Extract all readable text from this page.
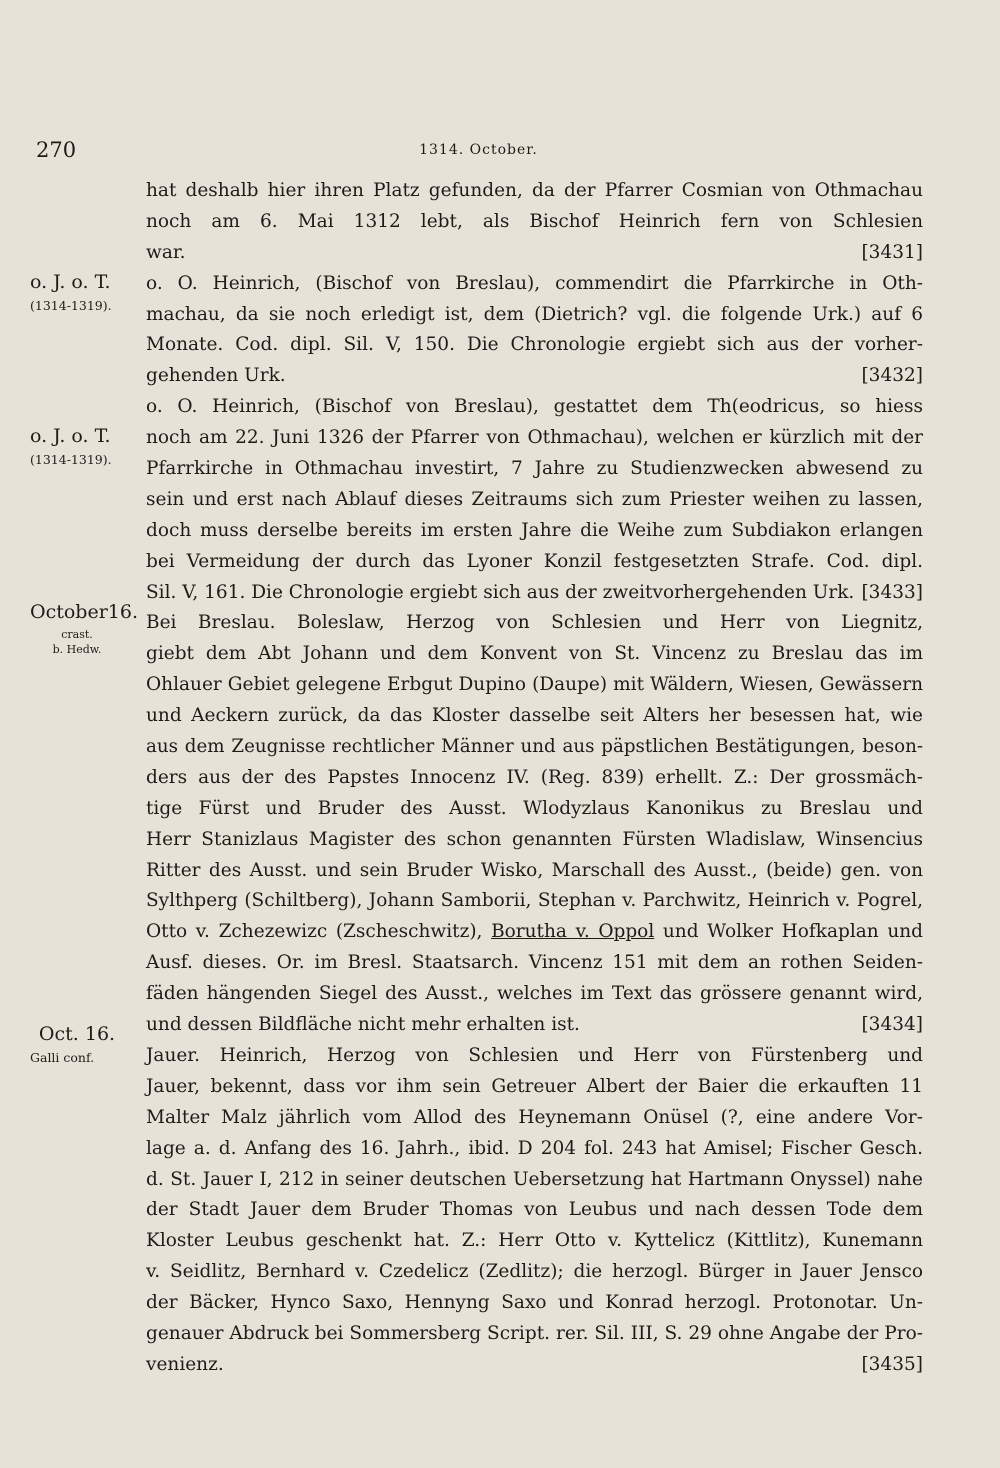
270	1314. October.
o. J. o. T.
(1314-1319).
o. J. o. T.
(1314-1319).
October16.
crast.
b. Hedw.
Oct. 16.
Galli conf.
hat deshalb hier ihren Platz gefunden, da der Pfarrer Cosmian von Othmachau
noch am 6. Mai 1312 lebt, als Bischof Heinrich fern von Schlesien
war.	[3431]
o. O. Heinrich, (Bischof von Breslau), commendirt die Pfarrkirche in Oth-
machau, da sie noch erledigt ist, dem (Dietrich? vgl. die folgende Urk.) auf 6
Monate. Cod. dipl. Sil. V, 150. Die Chronologie ergiebt sich aus der vorher-
gehenden Urk.	[3432]
o. O. Heinrich, (Bischof von Breslau), gestattet dem Th(eodricus, so hiess
noch am 22. Juni 1326 der Pfarrer von Othmachau), welchen er kürzlich mit der
Pfarrkirche in Othmachau investirt, 7 Jahre zu Studienzwecken abwesend zu
sein und erst nach Ablauf dieses Zeitraums sich zum Priester weihen zu lassen,
doch muss derselbe bereits im ersten Jahre die Weihe zum Subdiakon erlangen
bei Vermeidung der durch das Lyoner Konzil festgesetzten Strafe. Cod. dipl.
Sil. V, 161. Die Chronologie ergiebt sich aus der zweitvorhergehenden Urk. [3433]
Bei Breslau. Boleslaw, Herzog von Schlesien und Herr von Liegnitz,
giebt dem Abt Johann und dem Konvent von St. Vincenz zu Breslau das im
Ohlauer Gebiet gelegene Erbgut Dupino (Daupe) mit Wäldern, Wiesen, Gewässern
und Aeckern zurück, da das Kloster dasselbe seit Alters her besessen hat, wie
aus dem Zeugnisse rechtlicher Männer und aus päpstlichen Bestätigungen, beson-
ders aus der des Papstes Innocenz IV. (Reg. 839) erhellt. Z.: Der grossmäch-
tige Fürst und Bruder des Ausst. Wlodyzlaus Kanonikus zu Breslau und
Herr Stanizlaus Magister des schon genannten Fürsten Wladislaw, Winsencius
Ritter des Ausst. und sein Bruder Wisko, Marschall des Ausst., (beide) gen. von
Sylthperg (Schiltberg), Johann Samborii, Stephan v. Parchwitz, Heinrich v. Pogrel,
Otto v. Zchezewizc (Zscheschwitz), Borutha v. Oppol und Wolker Hofkaplan und
Ausf. dieses. Or. im Bresl. Staatsarch. Vincenz 151 mit dem an rothen Seiden-
fäden hängenden Siegel des Ausst., welches im Text das grössere genannt wird,
und dessen Bildfläche nicht mehr erhalten ist.	[3434]
Jauer. Heinrich, Herzog von Schlesien und Herr von Fürstenberg und
Jauer, bekennt, dass vor ihm sein Getreuer Albert der Baier die erkauften 11
Malter Malz jährlich vom Allod des Heynemann Onüsel (?, eine andere Vor-
lage a. d. Anfang des 16. Jahrh., ibid. D 204 fol. 243 hat Amisel; Fischer Gesch.
d. St. Jauer I, 212 in seiner deutschen Uebersetzung hat Hartmann Onyssel) nahe
der Stadt Jauer dem Bruder Thomas von Leubus und nach dessen Tode dem
Kloster Leubus geschenkt hat. Z.: Herr Otto v. Kyttelicz (Kittlitz), Kunemann
v. Seidlitz, Bernhard v. Czedelicz (Zedlitz); die herzogl. Bürger in Jauer Jensco
der Bäcker, Hynco Saxo, Hennyng Saxo und Konrad herzogl. Protonotar. Un-
genauer Abdruck bei Sommersberg Script. rer. Sil. III, S. 29 ohne Angabe der Pro-
venienz.	[3435]
